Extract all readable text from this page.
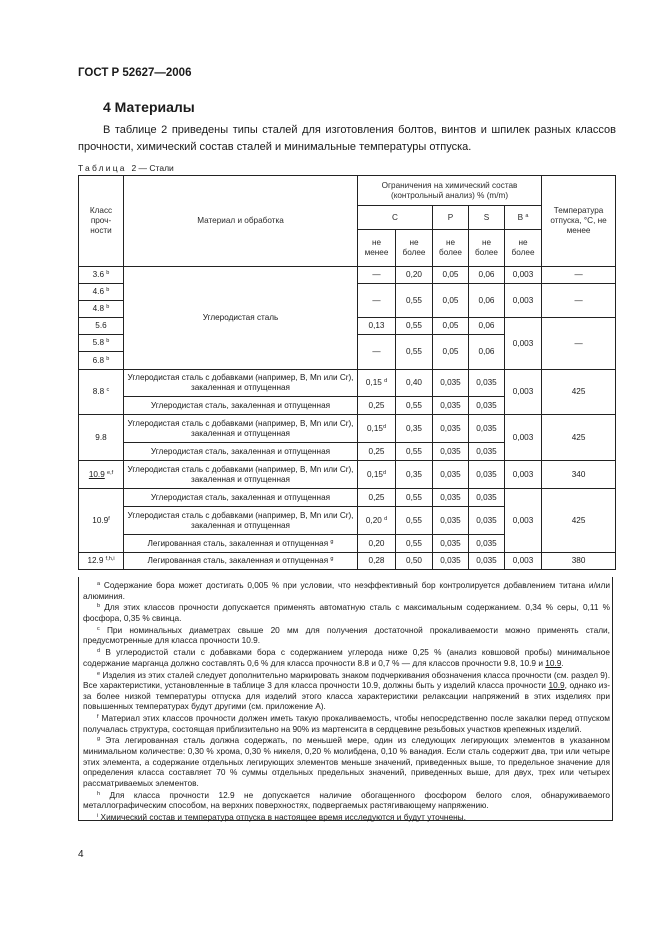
ГОСТ Р 52627—2006
4 Материалы
В таблице 2 приведены типы сталей для изготовления болтов, винтов и шпилек разных классов прочности, химический состав сталей и минимальные температуры отпуска.
Таблица 2 — Стали
Класс проч- ности	Материал и обработка	Ограничения на химический состав (контрольный анализ) % (m/m)					Температура отпуска, °С, не менее
		C		P	S	B $^a$
		не менее	не более	не более	не более	не более	
3.6 $^b$	Углеродистая сталь	—	0,20	0,05	0,06	0,003	—
4.6 $^b$		—	0,55	0,05	0,06	0,003	—
4.8 $^b$
5.6		0,13	0,55	0,05	0,06	0,003	—
5.8 $^b$		—	0,55	0,05	0,06		
6.8 $^b$
8.8 $^c$	Углеродистая сталь с добавками (например, B, Mn или Cr), закаленная и отпущенная	0,15 $^d$	0,40	0,035	0,035	0,003	425
	Углеродистая сталь, закаленная и отпущенная	0,25	0,55	0,035	0,035		
9.8	Углеродистая сталь с добавками (например, B, Mn или Cr), закаленная и отпущенная	0,15$^d$	0,35	0,035	0,035	0,003	425
	Углеродистая сталь, закаленная и отпущенная	0,25	0,55	0,035	0,035		
10.9 $^{e,f}$	Углеродистая сталь с добавками (например, B, Mn или Cr), закаленная и отпущенная	0,15$^d$	0,35	0,035	0,035	0,003	340
10.9$^f$	Углеродистая сталь, закаленная и отпущенная	0,25	0,55	0,035	0,035	0,003	425
	Углеродистая сталь с добавками (например, B, Mn или Cr), закаленная и отпущенная	0,20 $^d$	0,55	0,035	0,035		
	Легированная сталь, закаленная и отпущенная $^g$	0,20	0,55	0,035	0,035		
12.9 $^{f,h,i}$	Легированная сталь, закаленная и отпущенная $^g$	0,28	0,50	0,035	0,035	0,003	380

$^a$ Содержание бора может достигать 0,005 % при условии, что неэффективный бор контролируется добавлением титана и/или алюминия.

$^b$ Для этих классов прочности допускается применять автоматную сталь с максимальным содержанием. 0,34 % серы, 0,11 % фосфора, 0,35 % свинца.

$^c$ При номинальных диаметрах свыше 20 мм для получения достаточной прокаливаемости можно применять стали, предусмотренные для класса прочности 10.9.

$^d$ В углеродистой стали с добавками бора с содержанием углерода ниже 0,25 % (анализ ковшовой пробы) минимальное содержание марганца должно составлять 0,6 % для класса прочности 8.8 и 0,7 % — для классов прочности 9.8, 10.9 и 10.9.

$^e$ Изделия из этих сталей следует дополнительно маркировать знаком подчеркивания обозначения класса прочности (см. раздел 9). Все характеристики, установленные в таблице 3 для класса прочности 10.9, должны быть у изделий класса прочности 10.9, однако из-за более низкой температуры отпуска для изделий этого класса характеристики релаксации напряжений в этих изделиях при повышенных температурах будут другими (см. приложение А).

$^f$ Материал этих классов прочности должен иметь такую прокаливаемость, чтобы непосредственно после закалки перед отпуском получалась структура, состоящая приблизительно на 90% из мартенсита в сердцевине резьбовых участков крепежных изделий.

$^g$ Эта легированная сталь должна содержать, по меньшей мере, один из следующих легирующих элементов в указанном минимальном количестве: 0,30 % хрома, 0,30 % никеля, 0,20 % молибдена, 0,10 % ванадия. Если сталь содержит два, три или четыре этих элемента, а содержание отдельных легирующих элементов меньше значений, приведенных выше, то предельное значение для определения класса составляет 70 % суммы отдельных предельных значений, приведенных выше, для двух, трех или четырех рассматриваемых элементов.

$^h$ Для класса прочности 12.9 не допускается наличие обогащенного фосфором белого слоя, обнаруживаемого металлографическим способом, на верхних поверхностях, подвергаемых растягивающему напряжению.

$^i$ Химический состав и температура отпуска в настоящее время исследуются и будут уточнены.

4
